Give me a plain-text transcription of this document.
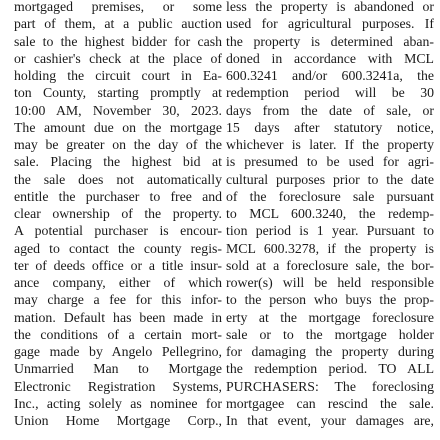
mortgaged premises, or some
part of them, at a public auction
sale to the highest bidder for cash
or cashier's check at the place of
holding the circuit court in Ea-
ton County, starting promptly at
10:00 AM, November 30, 2023.
The amount due on the mortgage
may be greater on the day of the
sale. Placing the highest bid at
the sale does not automatically
entitle the purchaser to free and
clear ownership of the property.
A potential purchaser is encour-
aged to contact the county regis-
ter of deeds office or a title insur-
ance company, either of which
may charge a fee for this infor-
mation. Default has been made in
the conditions of a certain mort-
gage made by Angelo Pellegrino,
Unmarried Man to Mortgage
Electronic Registration Systems,
Inc., acting solely as nominee for
Union Home Mortgage Corp.,
less the property is abandoned or
used for agricultural purposes. If
the property is determined aban-
doned in accordance with MCL
600.3241 and/or 600.3241a, the
redemption period will be 30
days from the date of sale, or
15 days after statutory notice,
whichever is later. If the property
is presumed to be used for agri-
cultural purposes prior to the date
of the foreclosure sale pursuant
to MCL 600.3240, the redemp-
tion period is 1 year. Pursuant to
MCL 600.3278, if the property is
sold at a foreclosure sale, the bor-
rower(s) will be held responsible
to the person who buys the prop-
erty at the mortgage foreclosure
sale or to the mortgage holder
for damaging the property during
the redemption period. TO ALL
PURCHASERS: The foreclosing
mortgagee can rescind the sale.
In that event, your damages are,
